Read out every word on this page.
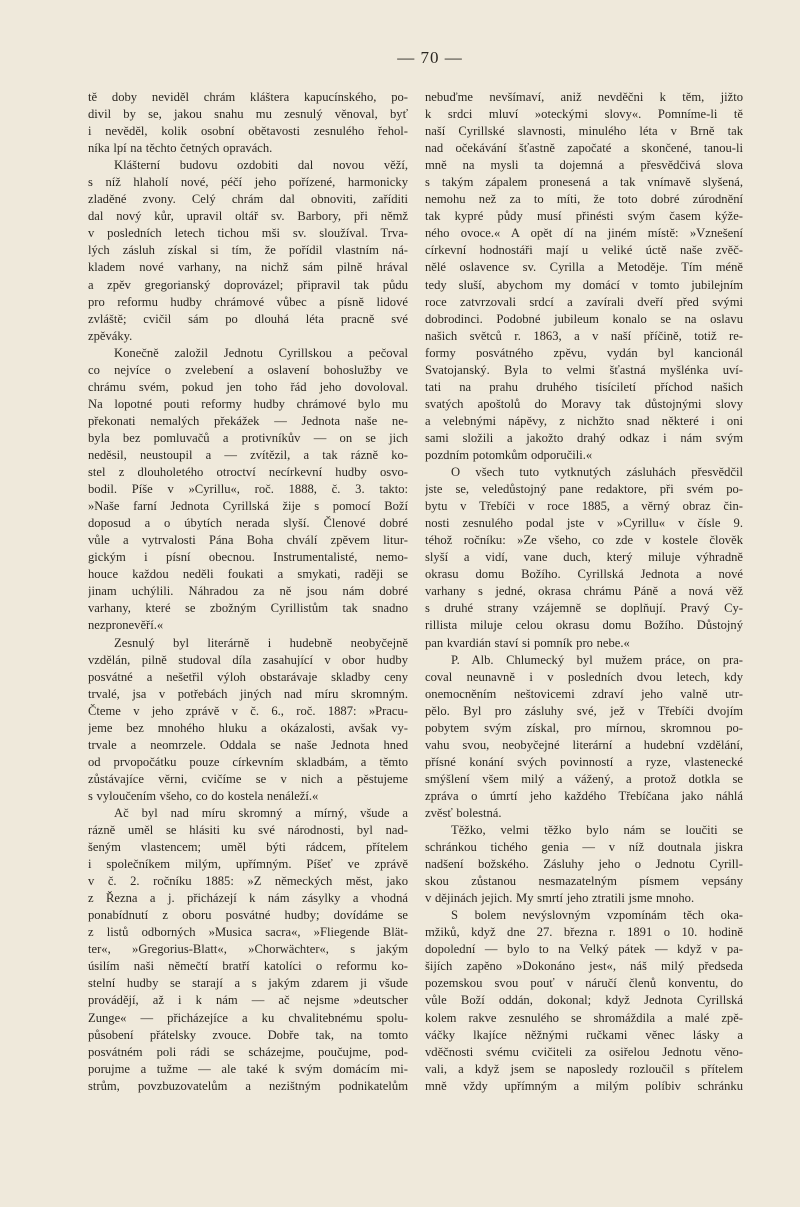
— 70 —
tě doby neviděl chrám kláštera kapucínského, po-
divil by se, jakou snahu mu zesnulý věnoval, byť
i nevěděl, kolik osobní obětavosti zesnulého řehol-
níka lpí na těchto četných opravách.
Klášterní budovu ozdobiti dal novou věží,
s níž hlaholí nové, péčí jeho pořízené, harmonicky
zladěné zvony. Celý chrám dal obnoviti, zaříditi
dal nový kůr, upravil oltář sv. Barbory, při němž
v posledních letech tichou mši sv. sloužíval. Trva-
lých zásluh získal si tím, že pořídil vlastním ná-
kladem nové varhany, na nichž sám pilně hrával
a zpěv gregorianský doprovázel; připravil tak půdu
pro reformu hudby chrámové vůbec a písně lidové
zvláště; cvičil sám po dlouhá léta pracně své
zpěváky.
Konečně založil Jednotu Cyrillskou a pečoval
co nejvíce o zvelebení a oslavení bohoslužby ve
chrámu svém, pokud jen toho řád jeho dovoloval.
Na lopotné pouti reformy hudby chrámové bylo mu
překonati nemalých překážek — Jednota naše ne-
byla bez pomluvačů a protivníkův — on se jich
neděsil, neustoupil a — zvítězil, a tak rázně ko-
stel z dlouholetého otroctví necírkevní hudby osvo-
bodil. Píše v »Cyrillu«, roč. 1888, č. 3. takto:
»Naše farní Jednota Cyrillská žije s pomocí Boží
doposud a o úbytích nerada slyší. Členové dobré
vůle a vytrvalosti Pána Boha chválí zpěvem litur-
gickým i písní obecnou. Instrumentalisté, nemo-
houce každou neděli foukati a smykati, raději se
jinam uchýlili. Náhradou za ně jsou nám dobré
varhany, které se zbožným Cyrillistům tak snadno
nezpronevěří.«
Zesnulý byl literárně i hudebně neobyčejně
vzdělán, pilně studoval díla zasahující v obor hudby
posvátné a nešetřil výloh obstarávaje skladby ceny
trvalé, jsa v potřebách jiných nad míru skromným.
Čteme v jeho zprávě v č. 6., roč. 1887: »Pracu-
jeme bez mnohého hluku a okázalosti, avšak vy-
trvale a neomrzele. Oddala se naše Jednota hned
od prvopočátku pouze církevním skladbám, a těmto
zůstávajíce věrni, cvičíme se v nich a pěstujeme
s vyloučením všeho, co do kostela nenáleží.«
Ač byl nad míru skromný a mírný, všude a
rázně uměl se hlásiti ku své národnosti, byl nad-
šeným vlastencem; uměl býti rádcem, přítelem
i společníkem milým, upřímným. Píšeť ve zprávě
v č. 2. ročníku 1885: »Z německých měst, jako
z Řezna a j. přicházejí k nám zásylky a vhodná
ponabídnutí z oboru posvátné hudby; dovídáme se
z listů odborných »Musica sacra«, »Fliegende Blät-
ter«, »Gregorius-Blatt«, »Chorwächter«, s jakým
úsilím naši němečtí bratří katolíci o reformu ko-
stelní hudby se starají a s jakým zdarem ji všude
provádějí, až i k nám — ač nejsme »deutscher
Zunge« — přicházejíce a ku chvalitebnému spolu-
působení přátelsky zvouce. Dobře tak, na tomto
posvátném poli rádi se scházejme, poučujme, pod-
porujme a tužme — ale také k svým domácím mi-
strům, povzbuzovatelům a nezištným podnikatelům
nebuďme nevšímaví, aniž nevděčni k těm, jižto
k srdci mluví »oteckými slovy«. Pomníme-li tě
naší Cyrillské slavnosti, minulého léta v Brně tak
nad očekávání šťastně započaté a skončené, tanou-li
mně na mysli ta dojemná a přesvědčivá slova
s takým zápalem pronesená a tak vnímavě slyšená,
nemohu než za to míti, že toto dobré zúrodnění
tak kypré půdy musí přinésti svým časem kýže-
ného ovoce.« A opět dí na jiném místě: »Vznešení
církevní hodnostáři mají u veliké úctě naše zvěč-
nělé oslavence sv. Cyrilla a Metoděje. Tím méně
tedy sluší, abychom my domácí v tomto jubilejním
roce zatvrzovali srdcí a zavírali dveří před svými
dobrodinci. Podobné jubileum konalo se na oslavu
našich světců r. 1863, a v naší příčině, totiž re-
formy posvátného zpěvu, vydán byl kancionál
Svatojanský. Byla to velmi šťastná myšlénka uví-
tati na prahu druhého tisíciletí příchod našich
svatých apoštolů do Moravy tak důstojnými slovy
a velebnými nápěvy, z nichžto snad některé i oni
sami složili a jakožto drahý odkaz i nám svým
pozdním potomkům odporučili.«
O všech tuto vytknutých zásluhách přesvědčil
jste se, veledůstojný pane redaktore, při svém po-
bytu v Třebíči v roce 1885, a věrný obraz čin-
nosti zesnulého podal jste v »Cyrillu« v čísle 9.
téhož ročníku: »Ze všeho, co zde v kostele člověk
slyší a vidí, vane duch, který miluje výhradně
okrasu domu Božího. Cyrillská Jednota a nové
varhany s jedné, okrasa chrámu Páně a nová věž
s druhé strany vzájemně se doplňují. Pravý Cy-
rillista miluje celou okrasu domu Božího. Důstojný
pan kvardián staví si pomník pro nebe.«
P. Alb. Chlumecký byl mužem práce, on pra-
coval neunavně i v posledních dvou letech, kdy
onemocněním neštovicemi zdraví jeho valně utr-
pělo. Byl pro zásluhy své, jež v Třebíči dvojím
pobytem svým získal, pro mírnou, skromnou po-
vahu svou, neobyčejné literární a hudební vzdělání,
přísné konání svých povinností a ryze, vlastenecké
smýšlení všem milý a vážený, a protož dotkla se
zpráva o úmrtí jeho každého Třebíčana jako náhlá
zvěsť bolestná.
Těžko, velmi těžko bylo nám se loučiti se
schránkou tichého genia — v níž doutnala jiskra
nadšení božského. Zásluhy jeho o Jednotu Cyrill-
skou zůstanou nesmazatelným písmem vepsány
v dějinách jejich. My smrtí jeho ztratili jsme mnoho.
S bolem nevýslovným vzpomínám těch oka-
mžiků, když dne 27. března r. 1891 o 10. hodině
dopolední — bylo to na Velký pátek — když v pa-
šijích zapěno »Dokonáno jest«, náš milý předseda
pozemskou svou pouť v náručí členů konventu, do
vůle Boží oddán, dokonal; když Jednota Cyrillská
kolem rakve zesnulého se shromáždila a malé zpě-
váčky lkajíce něžnými ručkami věnec lásky a
vděčnosti svému cvičiteli za osiřelou Jednotu věno-
vali, a když jsem se naposledy rozloučil s přítelem
mně vždy upřímným a milým políbiv schránku
